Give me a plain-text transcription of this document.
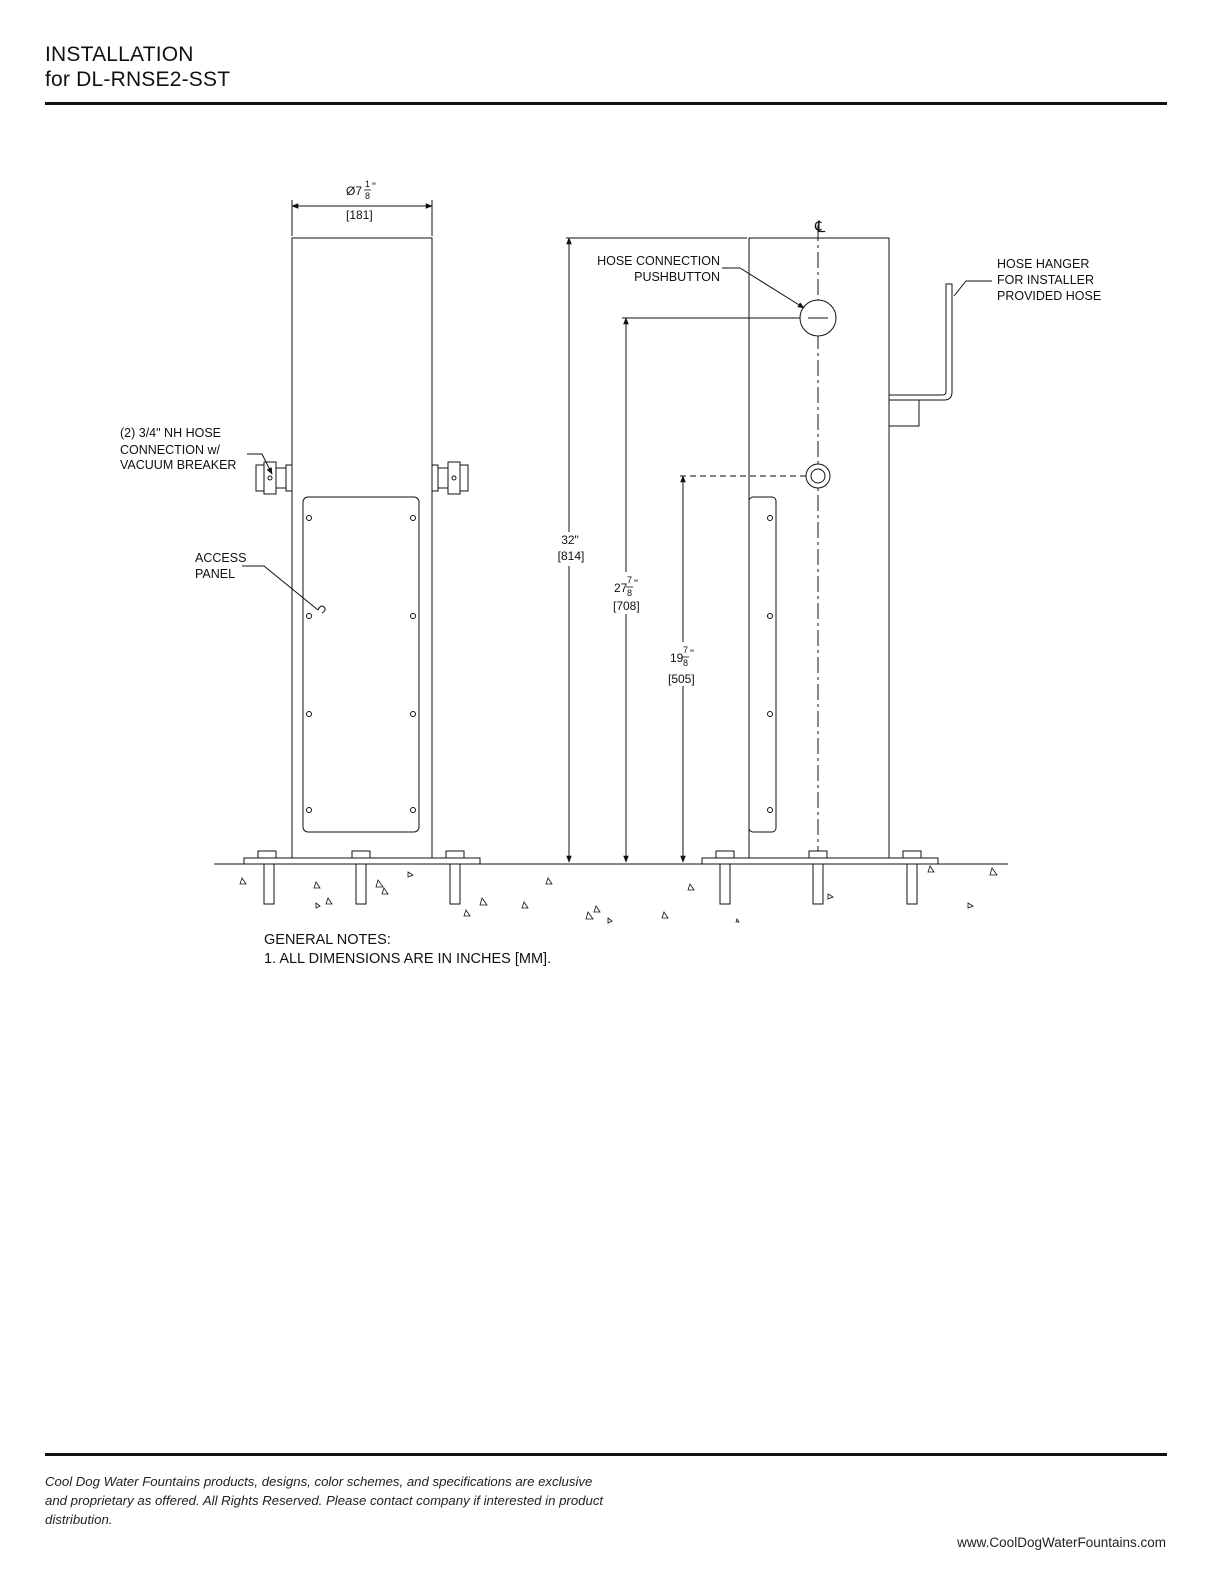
INSTALLATION
for DL-RNSE2-SST
Ø7 1
8
"
[181]
(2) 3/4" NH HOSE
CONNECTION w/
VACUUM BREAKER
ACCESS
PANEL
HOSE CONNECTION
PUSHBUTTON
HOSE HANGER
FOR INSTALLER
PROVIDED HOSE
℄
32"
[814]
27
7
8
"
[708]
19
7
8
"
[505]
GENERAL NOTES:
1. ALL DIMENSIONS ARE IN INCHES [MM].
Cool Dog Water Fountains products, designs, color schemes, and specifications are exclusive and proprietary as offered. All Rights Reserved. Please contact company if interested in product distribution.
www.CoolDogWaterFountains.com
